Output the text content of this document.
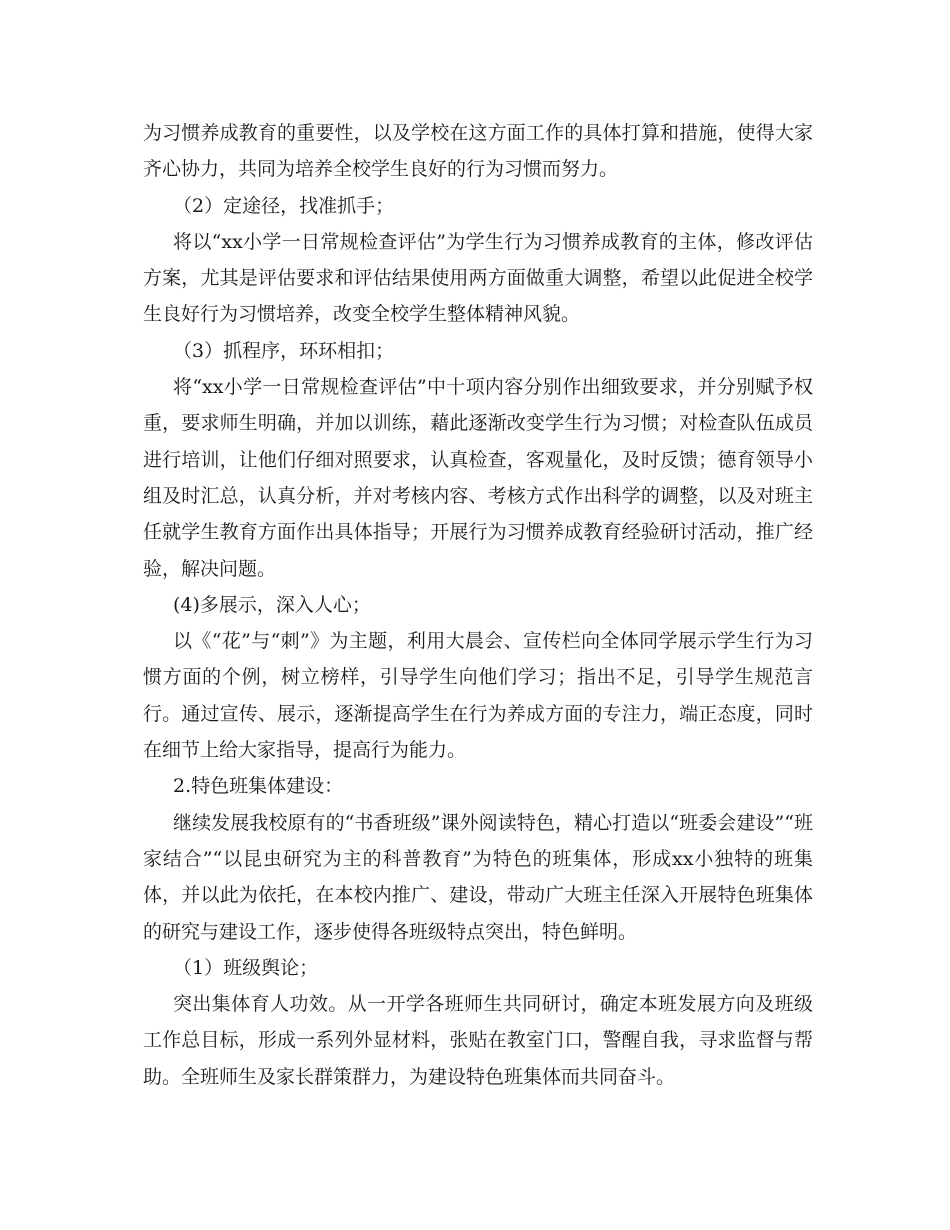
为习惯养成教育的重要性，以及学校在这方面工作的具体打算和措施，使得大家齐心协力，共同为培养全校学生良好的行为习惯而努力。

（2）定途径，找准抓手；

将以“xx小学一日常规检查评估”为学生行为习惯养成教育的主体，修改评估方案，尤其是评估要求和评估结果使用两方面做重大调整，希望以此促进全校学生良好行为习惯培养，改变全校学生整体精神风貌。

（3）抓程序，环环相扣；

将“xx小学一日常规检查评估”中十项内容分别作出细致要求，并分别赋予权重，要求师生明确，并加以训练，藉此逐渐改变学生行为习惯；对检查队伍成员进行培训，让他们仔细对照要求，认真检查，客观量化，及时反馈；德育领导小组及时汇总，认真分析，并对考核内容、考核方式作出科学的调整，以及对班主任就学生教育方面作出具体指导；开展行为习惯养成教育经验研讨活动，推广经验，解决问题。

(4)多展示，深入人心；

以《“花”与“刺”》为主题，利用大晨会、宣传栏向全体同学展示学生行为习惯方面的个例，树立榜样，引导学生向他们学习；指出不足，引导学生规范言行。通过宣传、展示，逐渐提高学生在行为养成方面的专注力，端正态度，同时在细节上给大家指导，提高行为能力。

2.特色班集体建设：

继续发展我校原有的“书香班级”课外阅读特色，精心打造以“班委会建设”“班家结合”“以昆虫研究为主的科普教育”为特色的班集体，形成xx小独特的班集体，并以此为依托，在本校内推广、建设，带动广大班主任深入开展特色班集体的研究与建设工作，逐步使得各班级特点突出，特色鲜明。

（1）班级舆论；

突出集体育人功效。从一开学各班师生共同研讨，确定本班发展方向及班级工作总目标，形成一系列外显材料，张贴在教室门口，警醒自我，寻求监督与帮助。全班师生及家长群策群力，为建设特色班集体而共同奋斗。
